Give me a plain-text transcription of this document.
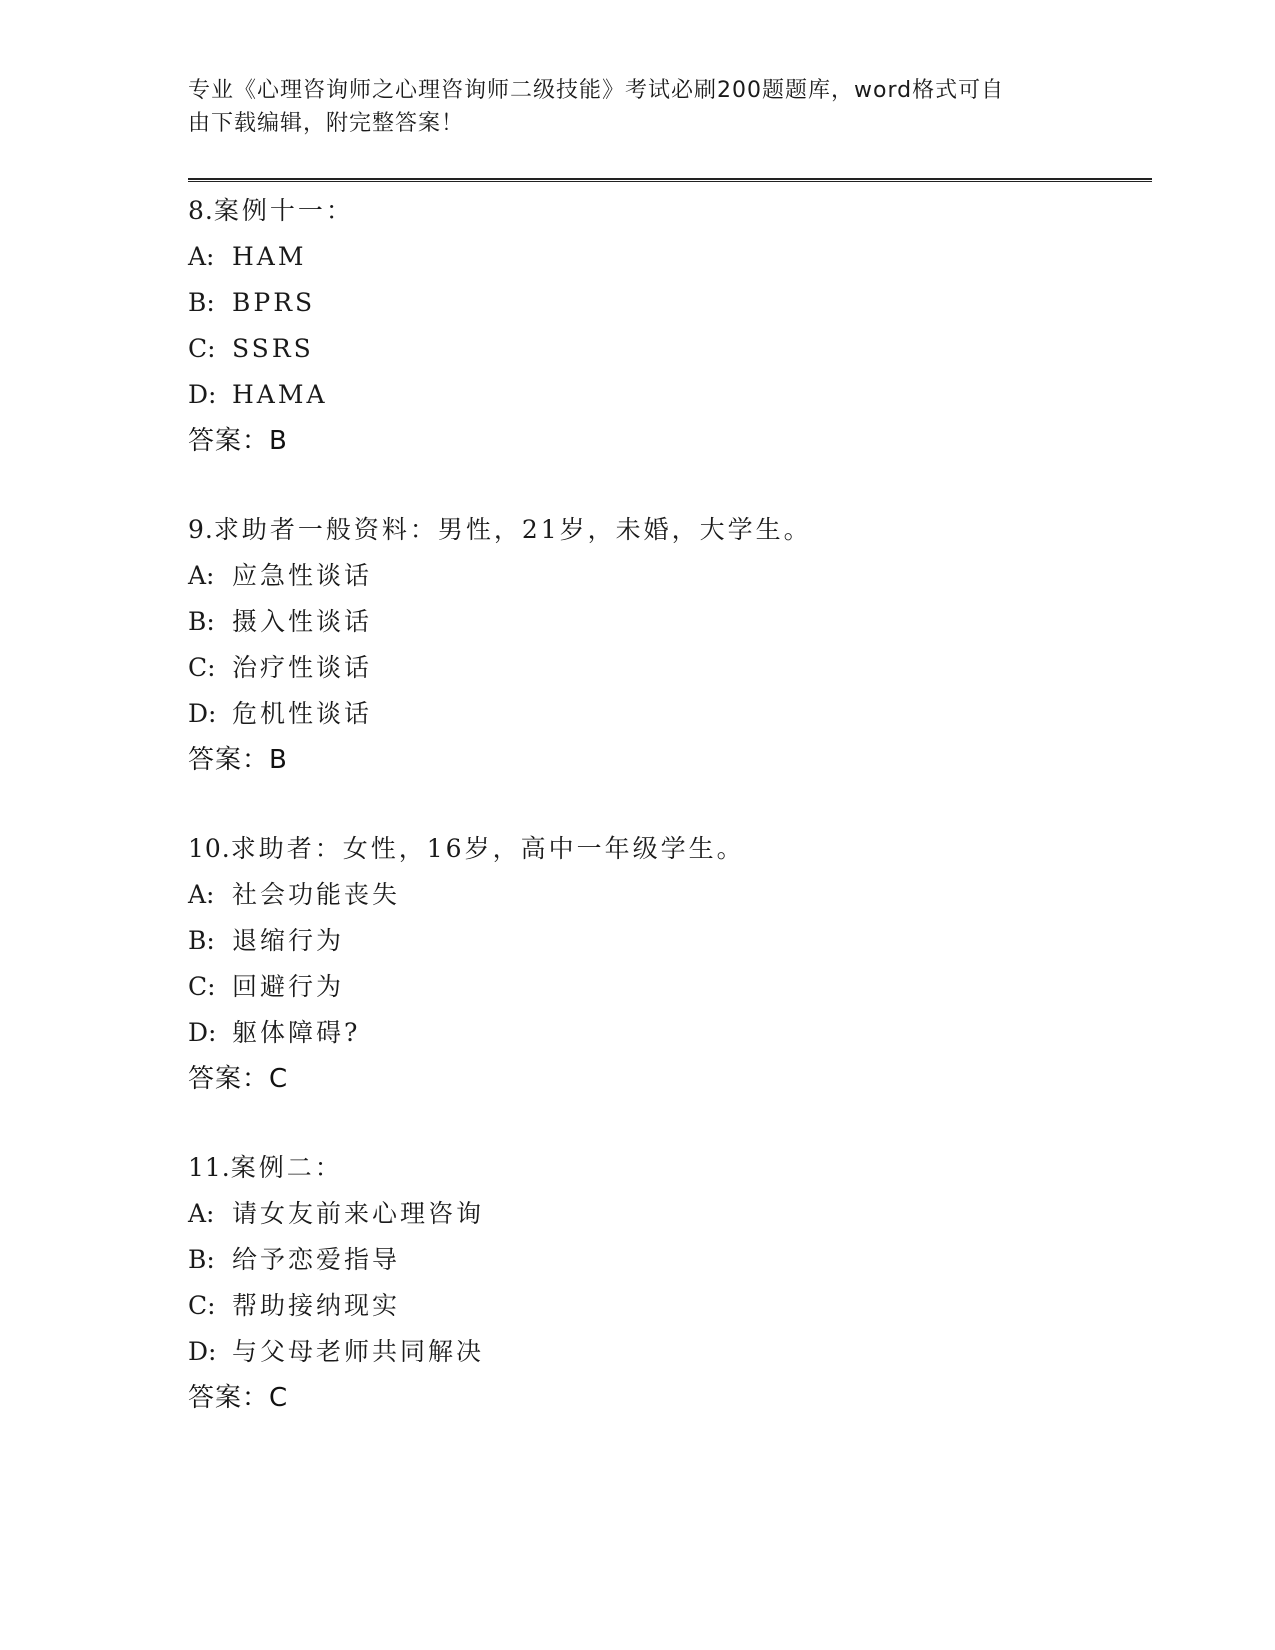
专业《心理咨询师之心理咨询师二级技能》考试必刷200题题库，word格式可自
由下载编辑，附完整答案！
8.案例十一：
A: HAM
B: BPRS
C: SSRS
D: HAMA
答案：B
9.求助者一般资料：男性，21岁，未婚，大学生。
A: 应急性谈话
B: 摄入性谈话
C: 治疗性谈话
D: 危机性谈话
答案：B
10.求助者：女性，16岁，高中一年级学生。
A: 社会功能丧失
B: 退缩行为
C: 回避行为
D: 躯体障碍?
答案：C
11.案例二：
A: 请女友前来心理咨询
B: 给予恋爱指导
C: 帮助接纳现实
D: 与父母老师共同解决
答案：C
